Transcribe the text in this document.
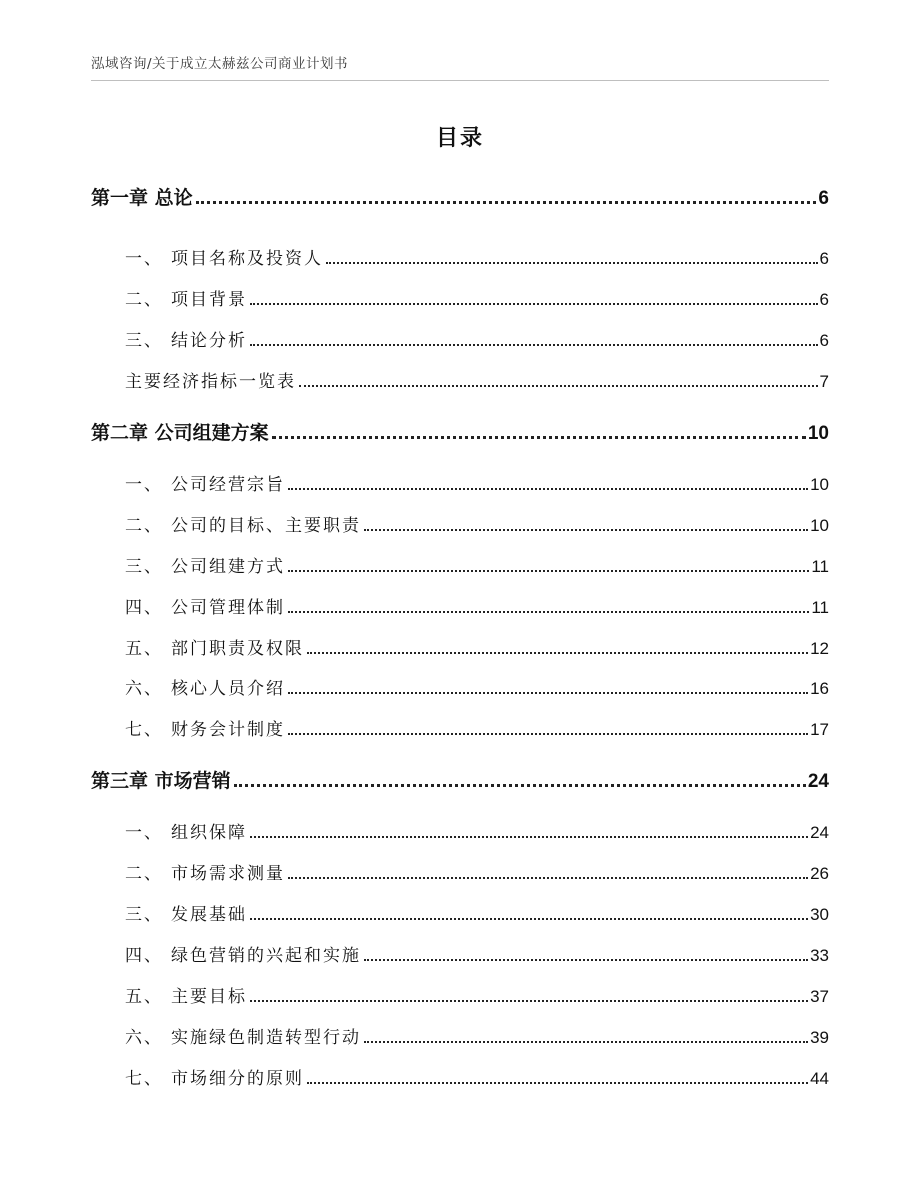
泓域咨询/关于成立太赫兹公司商业计划书
目录
第一章 总论	6
一、 项目名称及投资人	6
二、 项目背景	6
三、 结论分析	6
主要经济指标一览表	7
第二章 公司组建方案	10
一、 公司经营宗旨	10
二、 公司的目标、主要职责	10
三、 公司组建方式	11
四、 公司管理体制	11
五、 部门职责及权限	12
六、 核心人员介绍	16
七、 财务会计制度	17
第三章 市场营销	24
一、 组织保障	24
二、 市场需求测量	26
三、 发展基础	30
四、 绿色营销的兴起和实施	33
五、 主要目标	37
六、 实施绿色制造转型行动	39
七、 市场细分的原则	44
